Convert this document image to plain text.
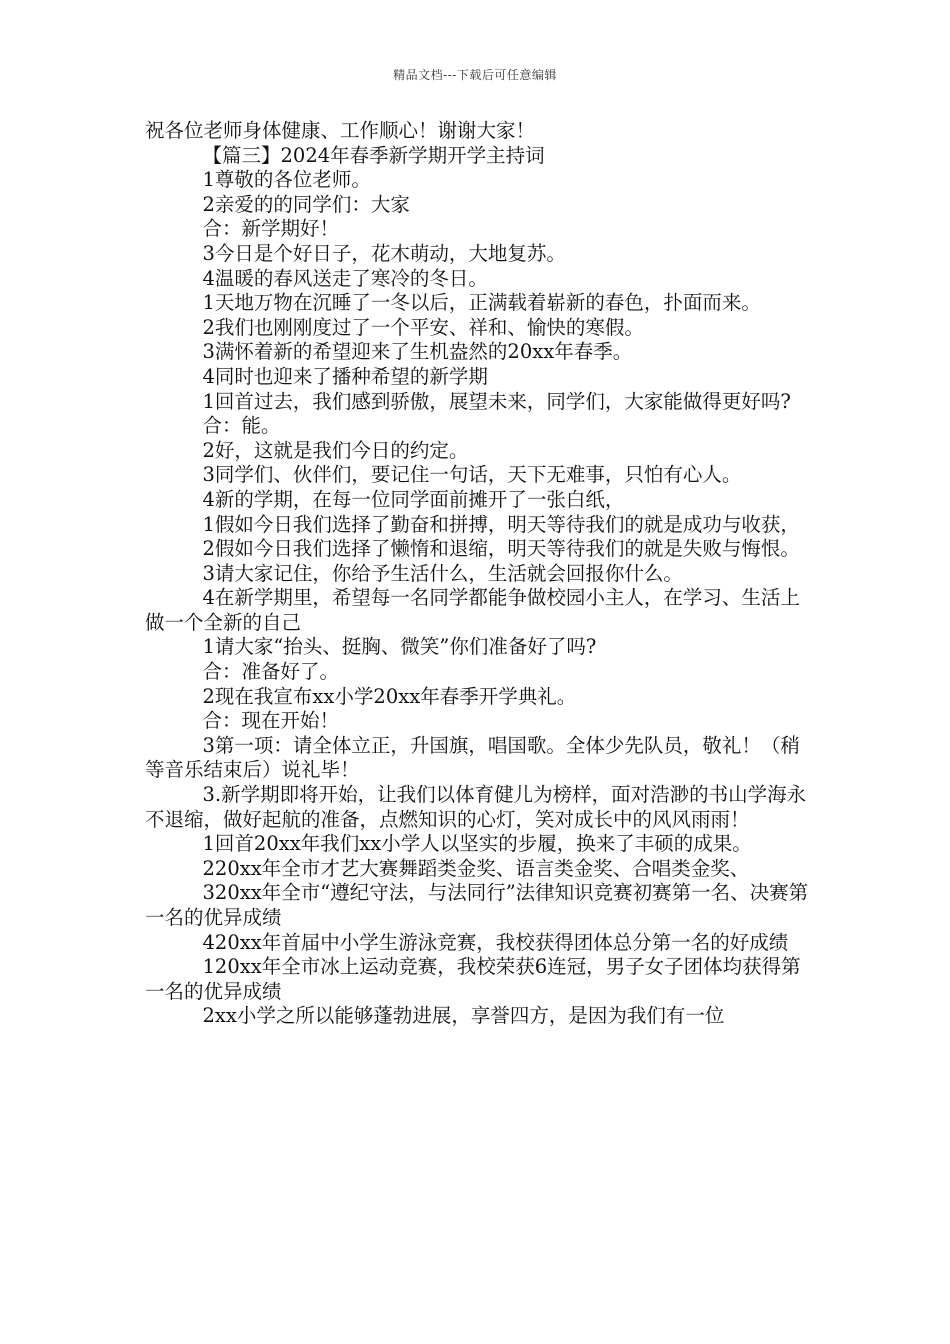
精品文档---下载后可任意编辑

祝各位老师身体健康、工作顺心！谢谢大家！

【篇三】2024年春季新学期开学主持词

1尊敬的各位老师。

2亲爱的的同学们：大家

合：新学期好！

3今日是个好日子，花木萌动，大地复苏。

4温暖的春风送走了寒冷的冬日。

1天地万物在沉睡了一冬以后，正满载着崭新的春色，扑面而来。

2我们也刚刚度过了一个平安、祥和、愉快的寒假。

3满怀着新的希望迎来了生机盎然的20xx年春季。

4同时也迎来了播种希望的新学期

1回首过去，我们感到骄傲，展望未来，同学们，大家能做得更好吗?

合：能。

2好，这就是我们今日的约定。

3同学们、伙伴们，要记住一句话，天下无难事，只怕有心人。

4新的学期，在每一位同学面前摊开了一张白纸，

1假如今日我们选择了勤奋和拼搏，明天等待我们的就是成功与收获，

2假如今日我们选择了懒惰和退缩，明天等待我们的就是失败与悔恨。

3请大家记住，你给予生活什么，生活就会回报你什么。

4在新学期里，希望每一名同学都能争做校园小主人，在学习、生活上做一个全新的自己

1请大家“抬头、挺胸、微笑”你们准备好了吗?

合：准备好了。

2现在我宣布xx小学20xx年春季开学典礼。

合：现在开始！

3第一项：请全体立正，升国旗，唱国歌。全体少先队员，敬礼！（稍等音乐结束后）说礼毕！

3.新学期即将开始，让我们以体育健儿为榜样，面对浩渺的书山学海永不退缩，做好起航的准备，点燃知识的心灯，笑对成长中的风风雨雨！

1回首20xx年我们xx小学人以坚实的步履，换来了丰硕的成果。

220xx年全市才艺大赛舞蹈类金奖、语言类金奖、合唱类金奖、

320xx年全市“遵纪守法，与法同行”法律知识竞赛初赛第一名、决赛第一名的优异成绩

420xx年首届中小学生游泳竞赛，我校获得团体总分第一名的好成绩

120xx年全市冰上运动竞赛，我校荣获6连冠，男子女子团体均获得第一名的优异成绩

2xx小学之所以能够蓬勃进展，享誉四方，是因为我们有一位
